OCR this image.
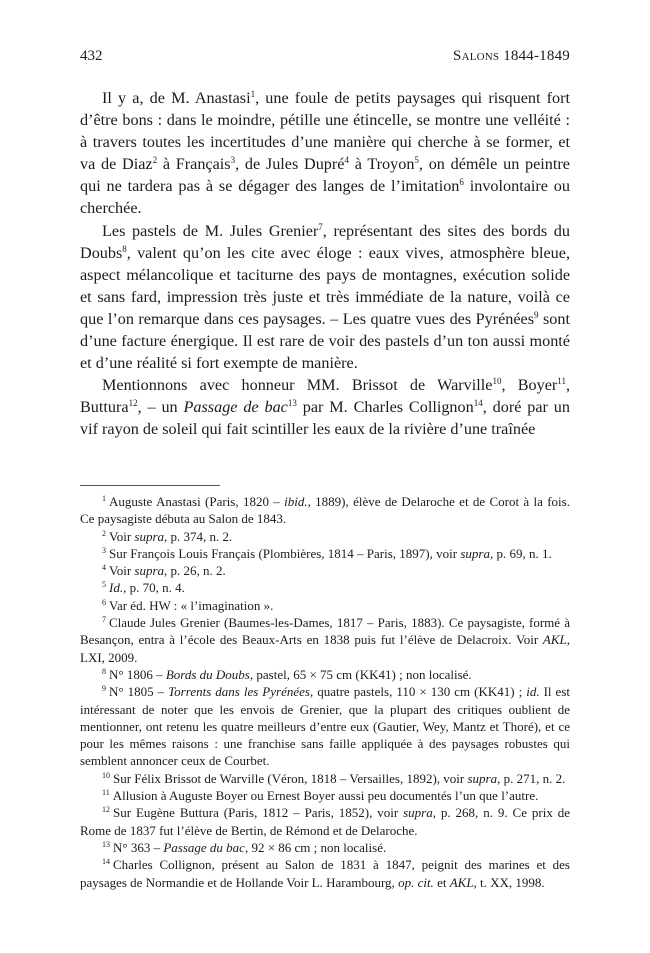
432	Salons 1844-1849

Il y a, de M. Anastasi$^1$, une foule de petits paysages qui risquent fort d’être bons : dans le moindre, pétille une étincelle, se montre une velléité : à travers toutes les incertitudes d’une manière qui cherche à se former, et va de Diaz$^2$ à Français$^3$, de Jules Dupré$^4$ à Troyon$^5$, on démêle un peintre qui ne tardera pas à se dégager des langes de l’imitation$^6$ involontaire ou cherchée.

Les pastels de M. Jules Grenier$^7$, représentant des sites des bords du Doubs$^8$, valent qu’on les cite avec éloge : eaux vives, atmosphère bleue, aspect mélancolique et taciturne des pays de montagnes, exécution solide et sans fard, impression très juste et très immédiate de la nature, voilà ce que l’on remarque dans ces paysages. – Les quatre vues des Pyrénées$^9$ sont d’une facture énergique. Il est rare de voir des pastels d’un ton aussi monté et d’une réalité si fort exempte de manière.

Mentionnons avec honneur MM. Brissot de Warville$^{10}$, Boyer$^{11}$, Buttura$^{12}$, – un Passage de bac$^{13}$ par M. Charles Collignon$^{14}$, doré par un vif rayon de soleil qui fait scintiller les eaux de la rivière d’une traînée

$^1$ Auguste Anastasi (Paris, 1820 – ibid., 1889), élève de Delaroche et de Corot à la fois. Ce paysagiste débuta au Salon de 1843.

$^2$ Voir supra, p. 374, n. 2.

$^3$ Sur François Louis Français (Plombières, 1814 – Paris, 1897), voir supra, p. 69, n. 1.

$^4$ Voir supra, p. 26, n. 2.

$^5$ Id., p. 70, n. 4.

$^6$ Var éd. HW : « l’imagination ».

$^7$ Claude Jules Grenier (Baumes-les-Dames, 1817 – Paris, 1883). Ce paysagiste, formé à Besançon, entra à l’école des Beaux-Arts en 1838 puis fut l’élève de Delacroix. Voir AKL, LXI, 2009.

$^8$ N° 1806 – Bords du Doubs, pastel, 65 × 75 cm (KK41) ; non localisé.

$^9$ N° 1805 – Torrents dans les Pyrénées, quatre pastels, 110 × 130 cm (KK41) ; id. Il est intéressant de noter que les envois de Grenier, que la plupart des critiques oublient de mentionner, ont retenu les quatre meilleurs d’entre eux (Gautier, Wey, Mantz et Thoré), et ce pour les mêmes raisons : une franchise sans faille appliquée à des paysages robustes qui semblent annoncer ceux de Courbet.

$^{10}$ Sur Félix Brissot de Warville (Véron, 1818 – Versailles, 1892), voir supra, p. 271, n. 2.

$^{11}$ Allusion à Auguste Boyer ou Ernest Boyer aussi peu documentés l’un que l’autre.

$^{12}$ Sur Eugène Buttura (Paris, 1812 – Paris, 1852), voir supra, p. 268, n. 9. Ce prix de Rome de 1837 fut l’élève de Bertin, de Rémond et de Delaroche.

$^{13}$ N° 363 – Passage du bac, 92 × 86 cm ; non localisé.

$^{14}$ Charles Collignon, présent au Salon de 1831 à 1847, peignit des marines et des paysages de Normandie et de Hollande Voir L. Harambourg, op. cit. et AKL, t. XX, 1998.
